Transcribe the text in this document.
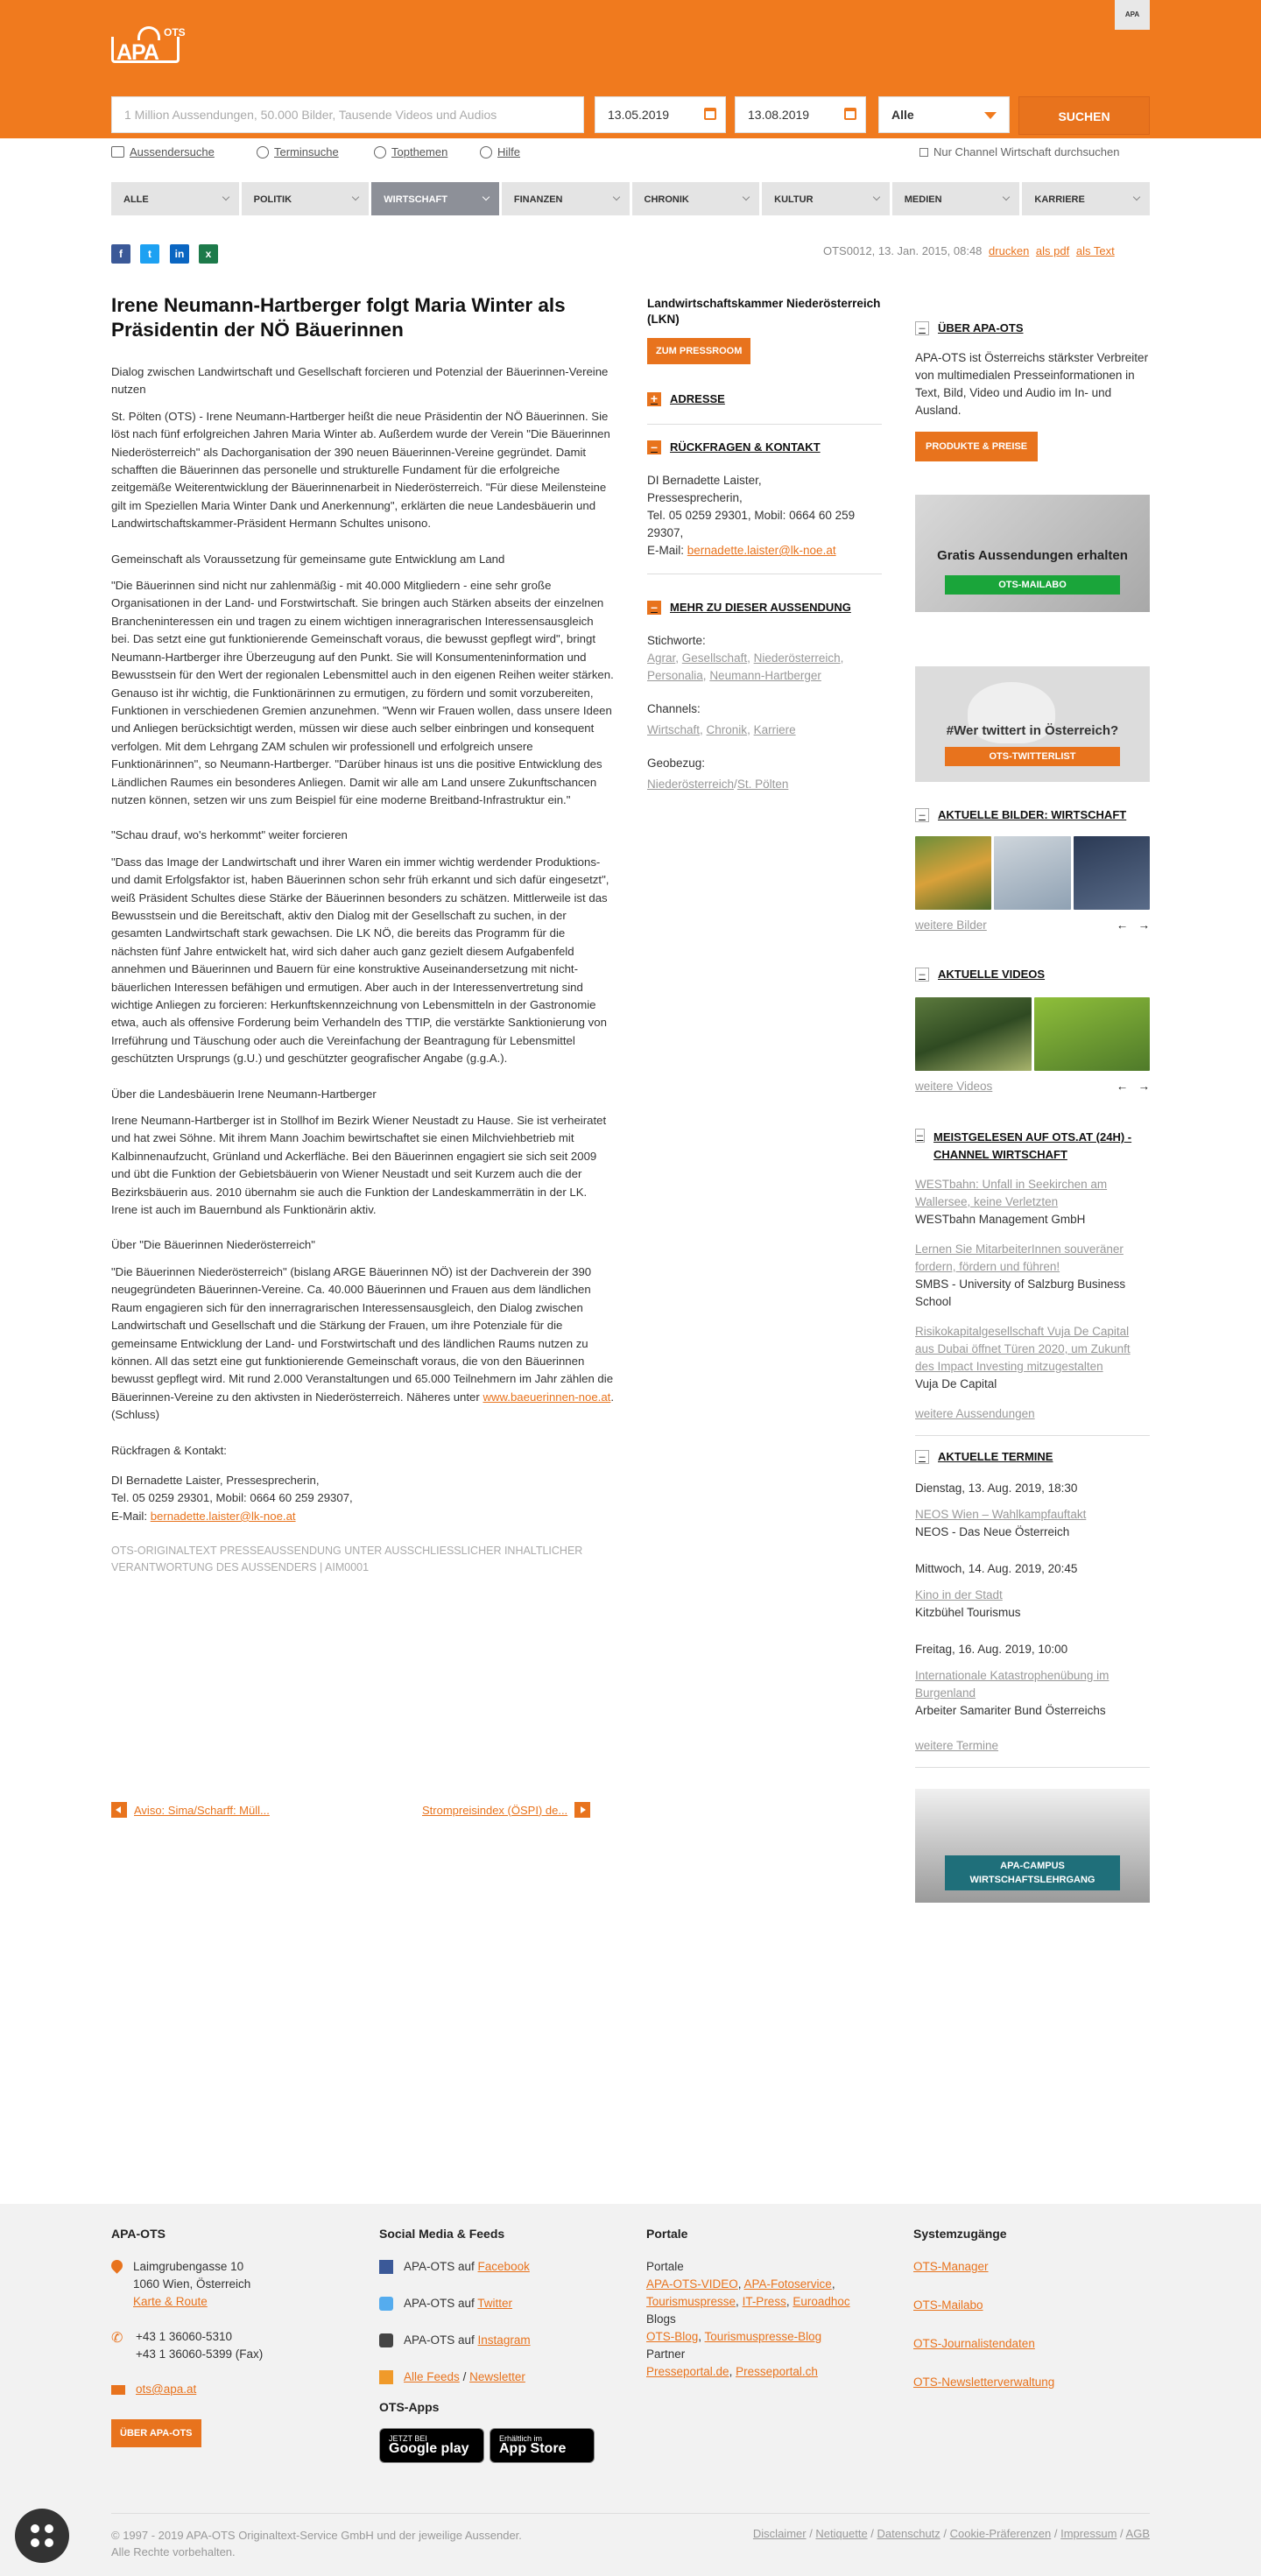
APA
OTS
APA
1 Million Aussendungen, 50.000 Bilder, Tausende Videos und Audios	13.05.2019	13.08.2019	Alle	SUCHEN
Aussendersuche	Terminsuche	Topthemen	Hilfe	Nur Channel Wirtschaft durchsuchen
ALLE	POLITIK	WIRTSCHAFT	FINANZEN	CHRONIK	KULTUR	MEDIEN	KARRIERE
f	t	in	x	OTS0012, 13. Jan. 2015, 08:48 drucken als pdf als Text
Irene Neumann-Hartberger folgt Maria Winter als Präsidentin der NÖ Bäuerinnen

Dialog zwischen Landwirtschaft und Gesellschaft forcieren und Potenzial der Bäuerinnen-Vereine nutzen

St. Pölten (OTS) - Irene Neumann-Hartberger heißt die neue Präsidentin der NÖ Bäuerinnen. Sie löst nach fünf erfolgreichen Jahren Maria Winter ab. Außerdem wurde der Verein "Die Bäuerinnen Niederösterreich" als Dachorganisation der 390 neuen Bäuerinnen-Vereine gegründet. Damit schafften die Bäuerinnen das personelle und strukturelle Fundament für die erfolgreiche zeitgemäße Weiterentwicklung der Bäuerinnenarbeit in Niederösterreich. "Für diese Meilensteine gilt im Speziellen Maria Winter Dank und Anerkennung", erklärten die neue Landesbäuerin und Landwirtschaftskammer-Präsident Hermann Schultes unisono.

Gemeinschaft als Voraussetzung für gemeinsame gute Entwicklung am Land

"Die Bäuerinnen sind nicht nur zahlenmäßig - mit 40.000 Mitgliedern - eine sehr große Organisationen in der Land- und Forstwirtschaft. Sie bringen auch Stärken abseits der einzelnen Brancheninteressen ein und tragen zu einem wichtigen inneragrarischen Interessensausgleich bei. Das setzt eine gut funktionierende Gemeinschaft voraus, die bewusst gepflegt wird", bringt Neumann-Hartberger ihre Überzeugung auf den Punkt. Sie will Konsumenteninformation und Bewusstsein für den Wert der regionalen Lebensmittel auch in den eigenen Reihen weiter stärken. Genauso ist ihr wichtig, die Funktionärinnen zu ermutigen, zu fördern und somit vorzubereiten, Funktionen in verschiedenen Gremien anzunehmen. "Wenn wir Frauen wollen, dass unsere Ideen und Anliegen berücksichtigt werden, müssen wir diese auch selber einbringen und konsequent verfolgen. Mit dem Lehrgang ZAM schulen wir professionell und erfolgreich unsere Funktionärinnen", so Neumann-Hartberger. "Darüber hinaus ist uns die positive Entwicklung des Ländlichen Raumes ein besonderes Anliegen. Damit wir alle am Land unsere Zukunftschancen nutzen können, setzen wir uns zum Beispiel für eine moderne Breitband-Infrastruktur ein."

"Schau drauf, wo's herkommt" weiter forcieren

"Dass das Image der Landwirtschaft und ihrer Waren ein immer wichtig werdender Produktions- und damit Erfolgsfaktor ist, haben Bäuerinnen schon sehr früh erkannt und sich dafür eingesetzt", weiß Präsident Schultes diese Stärke der Bäuerinnen besonders zu schätzen. Mittlerweile ist das Bewusstsein und die Bereitschaft, aktiv den Dialog mit der Gesellschaft zu suchen, in der gesamten Landwirtschaft stark gewachsen. Die LK NÖ, die bereits das Programm für die nächsten fünf Jahre entwickelt hat, wird sich daher auch ganz gezielt diesem Aufgabenfeld annehmen und Bäuerinnen und Bauern für eine konstruktive Auseinandersetzung mit nicht-bäuerlichen Interessen befähigen und ermutigen. Aber auch in der Interessenvertretung sind wichtige Anliegen zu forcieren: Herkunftskennzeichnung von Lebensmitteln in der Gastronomie etwa, auch als offensive Forderung beim Verhandeln des TTIP, die verstärkte Sanktionierung von Irreführung und Täuschung oder auch die Vereinfachung der Beantragung für Lebensmittel geschützten Ursprungs (g.U.) und geschützter geografischer Angabe (g.g.A.).

Über die Landesbäuerin Irene Neumann-Hartberger

Irene Neumann-Hartberger ist in Stollhof im Bezirk Wiener Neustadt zu Hause. Sie ist verheiratet und hat zwei Söhne. Mit ihrem Mann Joachim bewirtschaftet sie einen Milchviehbetrieb mit Kalbinnenaufzucht, Grünland und Ackerfläche. Bei den Bäuerinnen engagiert sie sich seit 2009 und übt die Funktion der Gebietsbäuerin von Wiener Neustadt und seit Kurzem auch die der Bezirksbäuerin aus. 2010 übernahm sie auch die Funktion der Landeskammerrätin in der LK. Irene ist auch im Bauernbund als Funktionärin aktiv.

Über "Die Bäuerinnen Niederösterreich"

"Die Bäuerinnen Niederösterreich" (bislang ARGE Bäuerinnen NÖ) ist der Dachverein der 390 neugegründeten Bäuerinnen-Vereine. Ca. 40.000 Bäuerinnen und Frauen aus dem ländlichen Raum engagieren sich für den innerragrarischen Interessensausgleich, den Dialog zwischen Landwirtschaft und Gesellschaft und die Stärkung der Frauen, um ihre Potenziale für die gemeinsame Entwicklung der Land- und Forstwirtschaft und des ländlichen Raums nutzen zu können. All das setzt eine gut funktionierende Gemeinschaft voraus, die von den Bäuerinnen bewusst gepflegt wird. Mit rund 2.000 Veranstaltungen und 65.000 Teilnehmern im Jahr zählen die Bäuerinnen-Vereine zu den aktivsten in Niederösterreich. Näheres unter www.baeuerinnen-noe.at. (Schluss)

Rückfragen & Kontakt:

DI Bernadette Laister, Pressesprecherin,
Tel. 05 0259 29301, Mobil: 0664 60 259 29307,
E-Mail: bernadette.laister@lk-noe.at

OTS-ORIGINALTEXT PRESSEAUSSENDUNG UNTER AUSSCHLIESSLICHER INHALTLICHER VERANTWORTUNG DES AUSSENDERS | AIM0001

Aviso: Sima/Scharff: Müll...	Strompreisindex (ÖSPI) de...
Landwirtschaftskammer Niederösterreich (LKN)
ZUM PRESSROOM
+	ADRESSE
–	RÜCKFRAGEN & KONTAKT
DI Bernadette Laister,
Pressesprecherin,
Tel. 05 0259 29301, Mobil: 0664 60 259 29307,
E-Mail: bernadette.laister@lk-noe.at
–	MEHR ZU DIESER AUSSENDUNG
Stichworte:
Agrar, Gesellschaft, Niederösterreich, Personalia, Neumann-Hartberger
Channels:
Wirtschaft, Chronik, Karriere
Geobezug:
Niederösterreich/St. Pölten
–	ÜBER APA-OTS
APA-OTS ist Österreichs stärkster Verbreiter von multimedialen Presseinformationen in Text, Bild, Video und Audio im In- und Ausland.
PRODUKTE & PREISE
Gratis Aussendungen erhalten
OTS-MAILABO
#Wer twittert in Österreich?
OTS-TWITTERLIST
–	AKTUELLE BILDER: WIRTSCHAFT
weitere Bilder	←   →
–	AKTUELLE VIDEOS
weitere Videos	←   →
– MEISTGELESEN AUF OTS.AT (24H) - CHANNEL WIRTSCHAFT
WESTbahn: Unfall in Seekirchen am Wallersee, keine Verletzten
WESTbahn Management GmbH
Lernen Sie MitarbeiterInnen souveräner fordern, fördern und führen!
SMBS - University of Salzburg Business School
Risikokapitalgesellschaft Vuja De Capital aus Dubai öffnet Türen 2020, um Zukunft des Impact Investing mitzugestalten
Vuja De Capital
weitere Aussendungen
–	AKTUELLE TERMINE
Dienstag, 13. Aug. 2019, 18:30
NEOS Wien – Wahlkampfauftakt
NEOS - Das Neue Österreich
Mittwoch, 14. Aug. 2019, 20:45
Kino in der Stadt
Kitzbühel Tourismus
Freitag, 16. Aug. 2019, 10:00
Internationale Katastrophenübung im Burgenland
Arbeiter Samariter Bund Österreichs
weitere Termine
APA-CAMPUS WIRTSCHAFTSLEHRGANG
APA-OTS
Laimgrubengasse 10
1060 Wien, Österreich
Karte & Route
✆ +43 1 36060-5310
+43 1 36060-5399 (Fax)
ots@apa.at
ÜBER APA-OTS
Social Media & Feeds
APA-OTS auf Facebook
APA-OTS auf Twitter
APA-OTS auf Instagram
Alle Feeds / Newsletter
OTS-Apps
JETZT BEI
Google play
Erhältlich im
App Store
Portale
Portale
APA-OTS-VIDEO, APA-Fotoservice,
Tourismuspresse, IT-Press, Euroadhoc
Blogs
OTS-Blog, Tourismuspresse-Blog
Partner
Presseportal.de, Presseportal.ch
Systemzugänge
OTS-Manager
OTS-Mailabo
OTS-Journalistendaten
OTS-Newsletterverwaltung
© 1997 - 2019 APA-OTS Originaltext-Service GmbH und der jeweilige Aussender.
Alle Rechte vorbehalten.
Disclaimer / Netiquette / Datenschutz / Cookie-Präferenzen / Impressum / AGB
